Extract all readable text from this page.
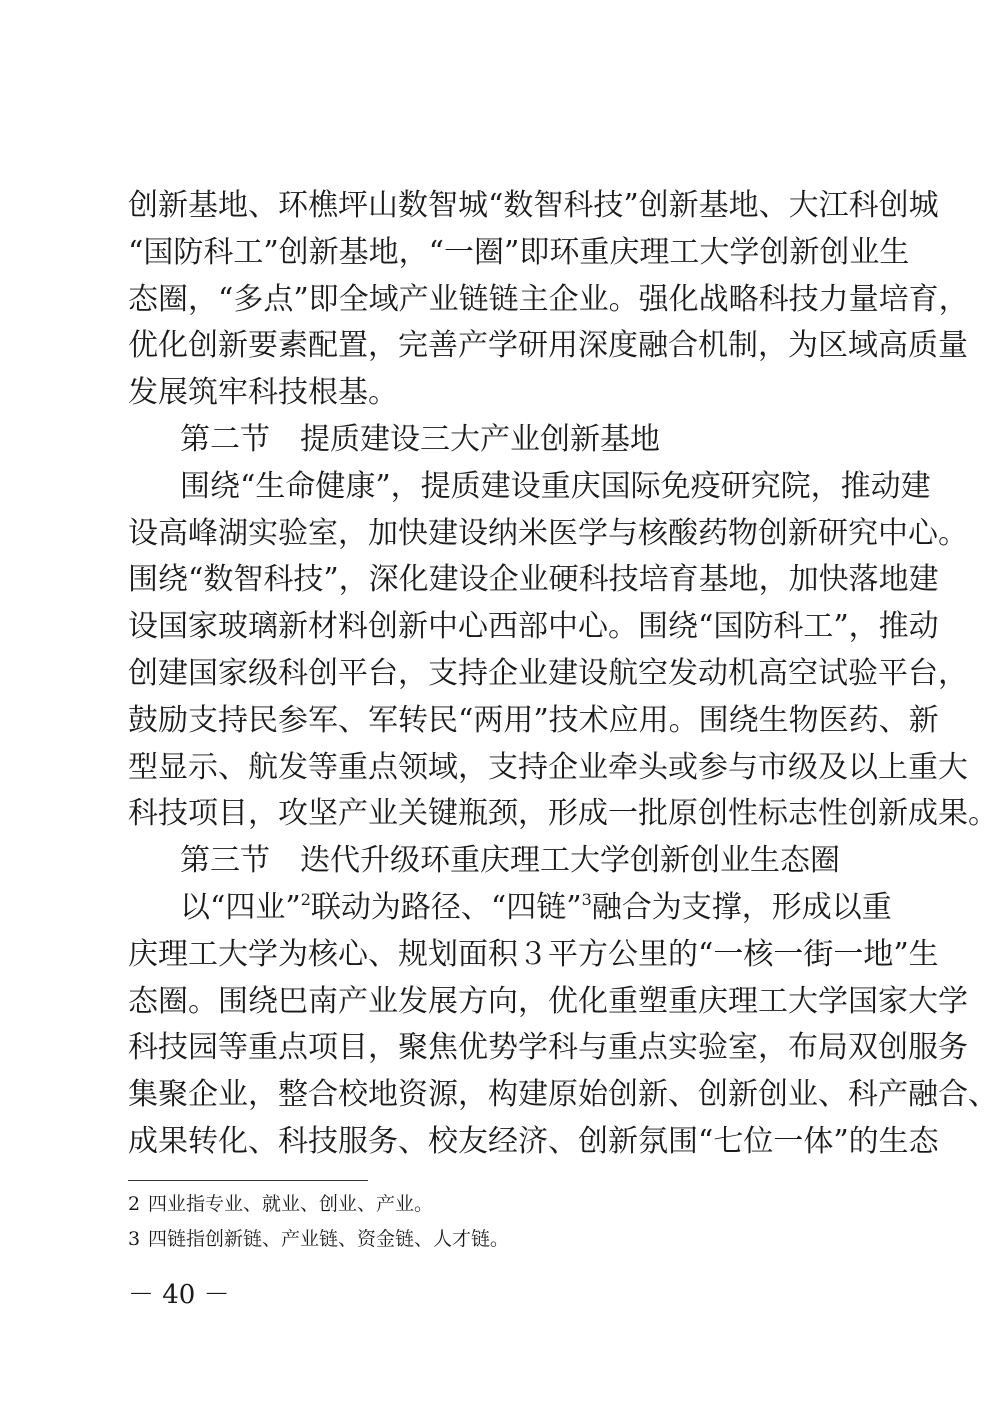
创新基地、环樵坪山数智城“数智科技”创新基地、大江科创城
“国防科工”创新基地，“一圈”即环重庆理工大学创新创业生
态圈，“多点”即全域产业链链主企业。强化战略科技力量培育，
优化创新要素配置，完善产学研用深度融合机制，为区域高质量
发展筑牢科技根基。
第二节　提质建设三大产业创新基地
围绕“生命健康”，提质建设重庆国际免疫研究院，推动建
设高峰湖实验室，加快建设纳米医学与核酸药物创新研究中心。
围绕“数智科技”，深化建设企业硬科技培育基地，加快落地建
设国家玻璃新材料创新中心西部中心。围绕“国防科工”，推动
创建国家级科创平台，支持企业建设航空发动机高空试验平台，
鼓励支持民参军、军转民“两用”技术应用。围绕生物医药、新
型显示、航发等重点领域，支持企业牵头或参与市级及以上重大
科技项目，攻坚产业关键瓶颈，形成一批原创性标志性创新成果。
第三节　迭代升级环重庆理工大学创新创业生态圈
以“四业”$^2$联动为路径、“四链”$^3$融合为支撑，形成以重
庆理工大学为核心、规划面积３平方公里的“一核一街一地”生
态圈。围绕巴南产业发展方向，优化重塑重庆理工大学国家大学
科技园等重点项目，聚焦优势学科与重点实验室，布局双创服务
集聚企业，整合校地资源，构建原始创新、创新创业、科产融合、
成果转化、科技服务、校友经济、创新氛围“七位一体”的生态
2 四业指专业、就业、创业、产业。
3 四链指创新链、产业链、资金链、人才链。
－ 40 －
